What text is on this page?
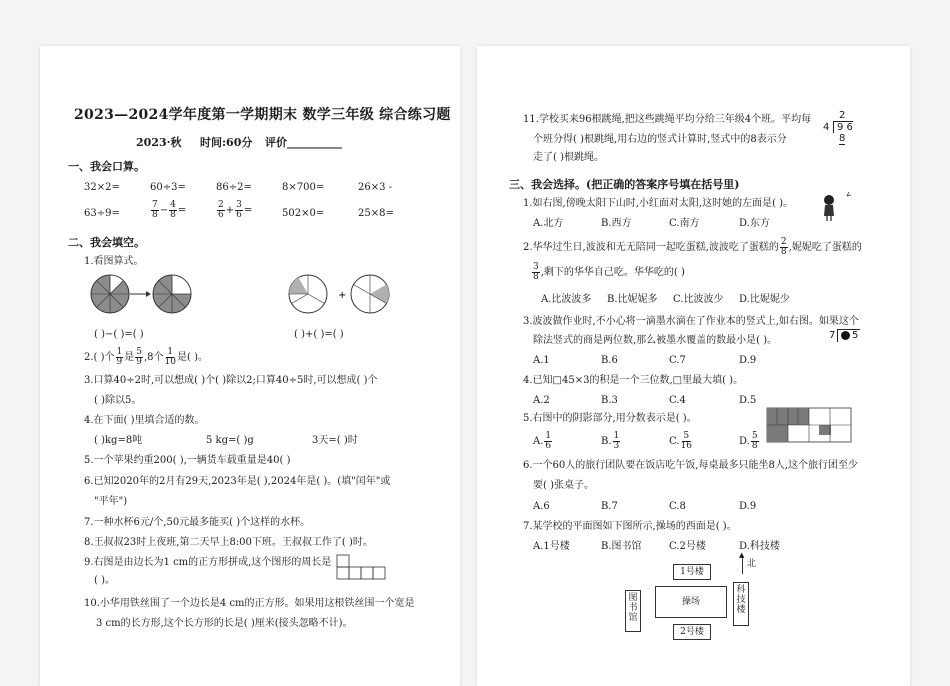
2023—2024学年度第一学期期末 数学三年级 综合练习题
2023·秋 时间:60分 评价__________
一、我会口算。
32×2=	60÷3=	86÷2=	8×700=	26×3 -
63÷9=	$\frac{7}{8} - \frac{4}{8}$ =	$\frac{2}{6} + \frac{3}{6}$ =	502×0=	25×8=
二、我会填空。
1.看图算式。
+
( )−( )=( )	( )+( )=( )
2.( )个 $\frac{1}{9}$ 是 $\frac{5}{9} ,8$个 $\frac{1}{10}$ 是( )。
3.口算40÷2时,可以想成( )个( )除以2;口算40÷5时,可以想成( )个
( )除以5。
4.在下面( )里填合适的数。
( )kg=8吨	5 kg=( )g	3天=( )时
5.一个苹果约重200( ),一辆货车载重量是40( )
6.已知2020年的2月有29天,2023年是( ),2024年是( )。(填"闰年"或
"平年")
7.一种水杯6元/个,50元最多能买( )个这样的水杯。
8.王叔叔23时上夜班,第二天早上8:00下班。王叔叔工作了( )时。
9.右图是由边长为1 cm的正方形拼成,这个图形的周长是
( )。
10.小华用铁丝围了一个边长是4 cm的正方形。如果用这根铁丝围一个宽是
3 cm的长方形,这个长方形的长是( )厘米(接头忽略不计)。
11.学校买来96根跳绳,把这些跳绳平均分给三年级4个班。平均每
个班分得( )根跳绳,用右边的竖式计算时,竖式中的8表示分
走了( )根跳绳。
2
4 9 6
8
三、我会选择。(把正确的答案序号填在括号里)
1.如右图,傍晚太阳下山时,小红面对太阳,这时她的左面是( )。
A.北方	B.西方	C.南方	D.东方
2.华华过生日,波波和无无陪同一起吃蛋糕,波波吃了蛋糕的 $\frac{2}{8}$ ,妮妮吃了蛋糕的
$\frac{3}{8}$ ,剩下的华华自己吃。华华吃的( )
A.比波波多 B.比妮妮多 C.比波波少 D.比妮妮少
3.波波做作业时,不小心将一滴墨水滴在了作业本的竖式上,如右图。如果这个
除法竖式的商是两位数,那么被墨水覆盖的数最小是( )。	7 5
A.1	B.6	C.7	D.9
4.已知□45×3的积是一个三位数,□里最大填( )。
A.2	B.3	C.4	D.5
5.右图中的阴影部分,用分数表示是( )。
A. $\frac{1}{6}$	B. $\frac{1}{3}$	C. $\frac{5}{16}$	D. $\frac{5}{8}$
6.一个60人的旅行团队要在饭店吃午饭,每桌最多只能坐8人,这个旅行团至少
要( )张桌子。
A.6	B.7	C.8	D.9
7.某学校的平面图如下图所示,操场的西面是( )。
A.1号楼	B.图书馆	C.2号楼	D.科技楼
1号楼
图书馆
操场
科技楼
2号楼
▲
北
